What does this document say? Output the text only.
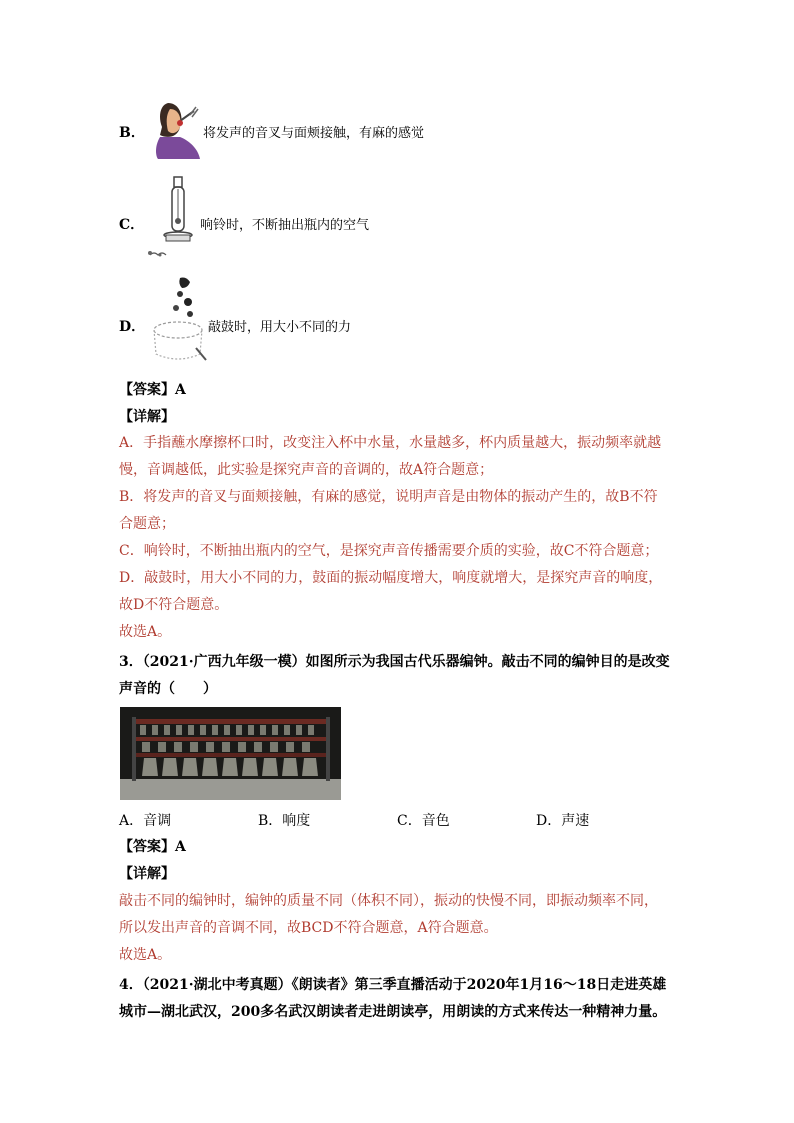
B．	将发声的音叉与面颊接触，有麻的感觉
C．	响铃时，不断抽出瓶内的空气
D．	敲鼓时，用大小不同的力
【答案】A
【详解】
A．手指蘸水摩擦杯口时，改变注入杯中水量，水量越多，杯内质量越大，振动频率就越
慢，音调越低，此实验是探究声音的音调的，故A符合题意；
B．将发声的音叉与面颊接触，有麻的感觉，说明声音是由物体的振动产生的，故B不符
合题意；
C．响铃时，不断抽出瓶内的空气，是探究声音传播需要介质的实验，故C不符合题意；
D．敲鼓时，用大小不同的力，鼓面的振动幅度增大，响度就增大，是探究声音的响度，
故D不符合题意。
故选A。
3．（2021·广西九年级一模）如图所示为我国古代乐器编钟。敲击不同的编钟目的是改变
声音的（　　）
A．音调	B．响度	C．音色	D．声速
【答案】A
【详解】
敲击不同的编钟时，编钟的质量不同（体积不同），振动的快慢不同，即振动频率不同，
所以发出声音的音调不同，故BCD不符合题意，A符合题意。
故选A。
4．（2021·湖北中考真题）《朗读者》第三季直播活动于2020年1月16～18日走进英雄
城市—湖北武汉，200多名武汉朗读者走进朗读亭，用朗读的方式来传达一种精神力量。
